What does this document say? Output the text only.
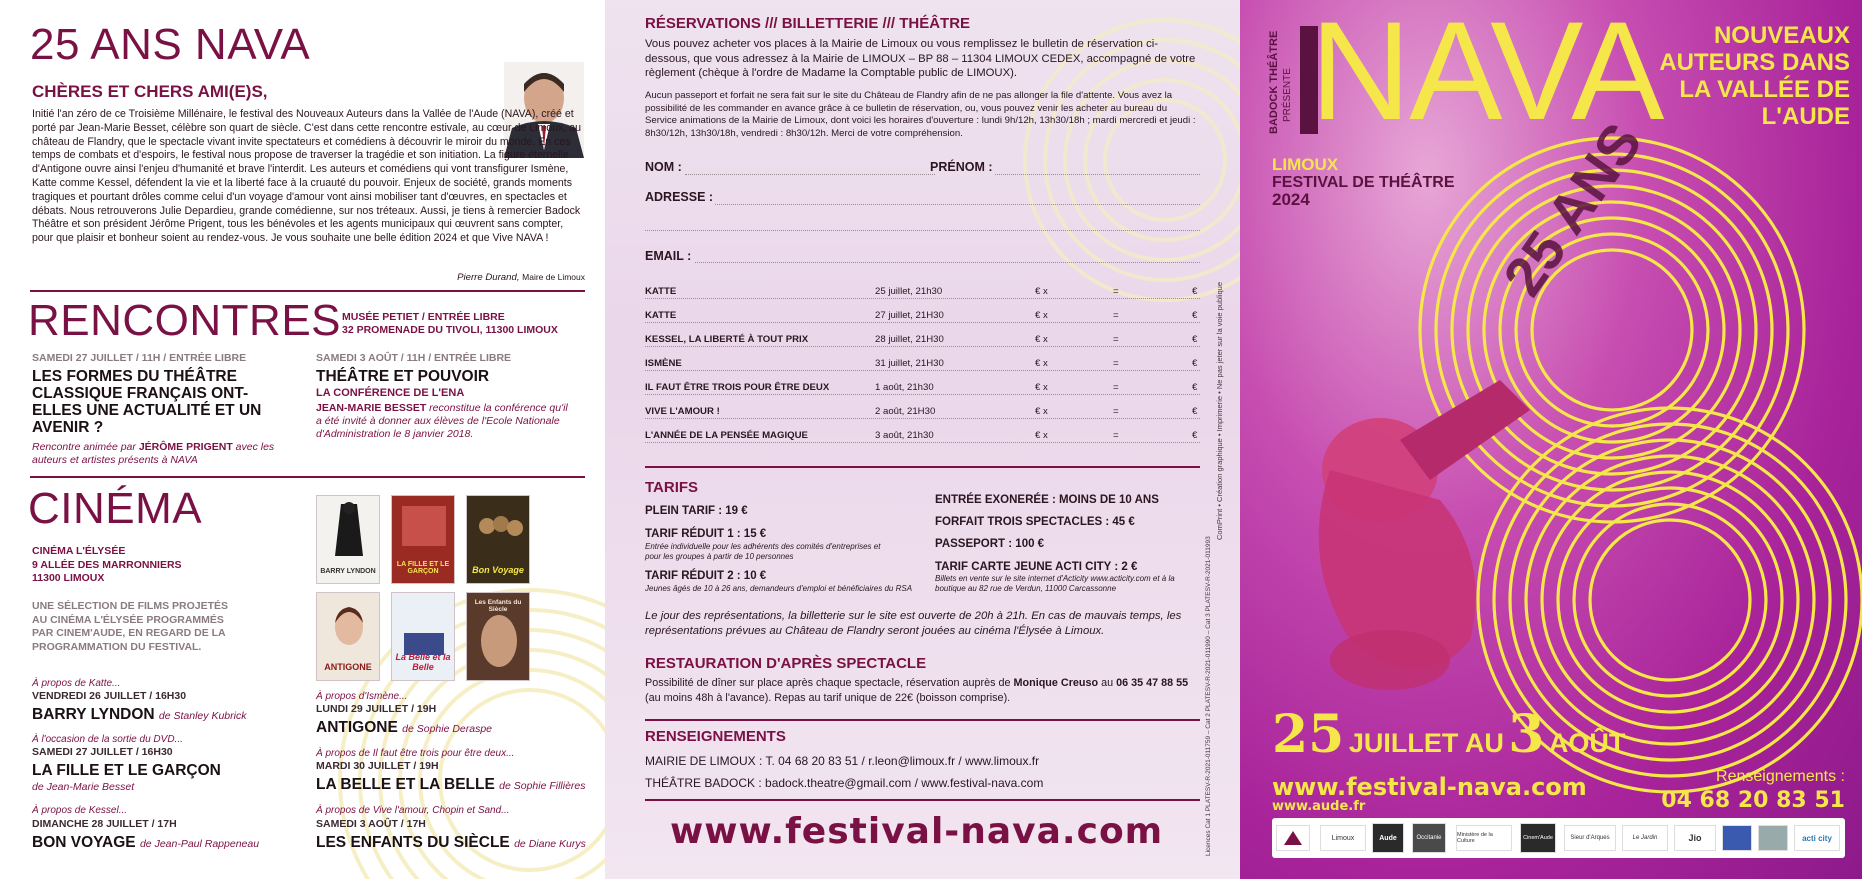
25 ANS NAVA
CHÈRES ET CHERS AMI(E)S,
Initié l'an zéro de ce Troisième Millénaire, le festival des Nouveaux Auteurs dans la Vallée de l'Aude (NAVA), créé et porté par Jean-Marie Besset, célèbre son quart de siècle. C'est dans cette rencontre estivale, au cœur de Limoux, au château de Flandry, que le spectacle vivant invite spectateurs et comédiens à découvrir le miroir du monde. En ces temps de combats et d'espoirs, le festival nous propose de traverser la tragédie et son initiation. La figure éternelle d'Antigone ouvre ainsi l'enjeu d'humanité et brave l'interdit. Les auteurs et comédiens qui vont transfigurer Ismène, Katte comme Kessel, défendent la vie et la liberté face à la cruauté du pouvoir. Enjeux de société, grands moments tragiques et pourtant drôles comme celui d'un voyage d'amour vont ainsi mobiliser tant d'œuvres, en spectacles et débats. Nous retrouverons Julie Depardieu, grande comédienne, sur nos tréteaux. Aussi, je tiens à remercier Badock Théâtre et son président Jérôme Prigent, tous les bénévoles et les agents municipaux qui œuvrent sans compter, pour que plaisir et bonheur soient au rendez-vous. Je vous souhaite une belle édition 2024 et que Vive NAVA !
Pierre Durand, Maire de Limoux
RENCONTRES MUSÉE PETIET / ENTRÉE LIBRE
32 PROMENADE DU TIVOLI, 11300 LIMOUX
SAMEDI 27 JUILLET / 11H / ENTRÉE LIBRE
LES FORMES DU THÉÂTRE CLASSIQUE FRANÇAIS ONT-ELLES UNE ACTUALITÉ ET UN AVENIR ?
Rencontre animée par JÉRÔME PRIGENT avec les auteurs et artistes présents à NAVA
SAMEDI 3 AOÛT / 11H / ENTRÉE LIBRE
THÉÂTRE ET POUVOIR
LA CONFÉRENCE DE L'ENA
JEAN-MARIE BESSET reconstitue la conférence qu'il a été invité à donner aux élèves de l'Ecole Nationale d'Administration le 8 janvier 2018.
CINÉMA
CINÉMA L'ÉLYSÉE
9 ALLÉE DES MARRONNIERS
11300 LIMOUX
UNE SÉLECTION DE FILMS PROJETÉS AU CINÉMA L'ÉLYSÉE PROGRAMMÉS PAR CINEM'AUDE, EN REGARD DE LA PROGRAMMATION DU FESTIVAL.
BARRY LYNDON
LA FILLE ET LE GARÇON	Bon Voyage
ANTIGONE
La Belle et la Belle
Les Enfants du Siècle
À propos de Katte...
VENDREDI 26 JUILLET / 16H30
BARRY LYNDON de Stanley Kubrick
À l'occasion de la sortie du DVD...
SAMEDI 27 JUILLET / 16H30
LA FILLE ET LE GARÇON
de Jean-Marie Besset
À propos de Kessel...
DIMANCHE 28 JUILLET / 17H
BON VOYAGE de Jean-Paul Rappeneau
À propos d'Ismène...
LUNDI 29 JUILLET / 19H
ANTIGONE de Sophie Deraspe
À propos de Il faut être trois pour être deux...
MARDI 30 JUILLET / 19H
LA BELLE ET LA BELLE de Sophie Fillières
À propos de Vive l'amour, Chopin et Sand...
SAMEDI 3 AOÛT / 17H
LES ENFANTS DU SIÈCLE de Diane Kurys
RÉSERVATIONS /// BILLETTERIE /// THÉÂTRE
Vous pouvez acheter vos places à la Mairie de Limoux ou vous remplissez le bulletin de réservation ci-dessous, que vous adressez à la Mairie de LIMOUX – BP 88 – 11304 LIMOUX CEDEX, accompagné de votre règlement (chèque à l'ordre de Madame la Comptable public de LIMOUX).
Aucun passeport et forfait ne sera fait sur le site du Château de Flandry afin de ne pas allonger la file d'attente. Vous avez la possibilité de les commander en avance grâce à ce bulletin de réservation, ou, vous pouvez venir les acheter au bureau du Service animations de la Mairie de Limoux, dont voici les horaires d'ouverture : lundi 9h/12h, 13h30/18h ; mardi mercredi et jeudi : 8h30/12h, 13h30/18h, vendredi : 8h30/12h. Merci de votre compréhension.
NOM :	PRÉNOM :
ADRESSE :
EMAIL :
KATTE	25 juillet, 21h30	€ x	=	€
KATTE	27 juillet, 21H30	€ x	=	€
KESSEL, LA LIBERTÉ À TOUT PRIX	28 juillet, 21H30	€ x	=	€
ISMÈNE	31 juillet, 21H30	€ x	=	€
IL FAUT ÊTRE TROIS POUR ÊTRE DEUX	1 août, 21h30	€ x	=	€
VIVE L'AMOUR !	2 août, 21H30	€ x	=	€
L'ANNÉE DE LA PENSÉE MAGIQUE	3 août, 21h30	€ x	=	€
TARIFS
PLEIN TARIF : 19 €
TARIF RÉDUIT 1 : 15 €
Entrée individuelle pour les adhérents des comités d'entreprises et pour les groupes à partir de 10 personnes
TARIF RÉDUIT 2 : 10 €
Jeunes âgés de 10 à 26 ans, demandeurs d'emploi et bénéficiaires du RSA
ENTRÉE EXONERÉE : MOINS DE 10 ANS
FORFAIT TROIS SPECTACLES : 45 €
PASSEPORT : 100 €
TARIF CARTE JEUNE ACTI CITY : 2 €
Billets en vente sur le site internet d'Acticity www.acticity.com et à la boutique au 82 rue de Verdun, 11000 Carcassonne
Le jour des représentations, la billetterie sur le site est ouverte de 20h à 21h. En cas de mauvais temps, les représentations prévues au Château de Flandry seront jouées au cinéma l'Élysée à Limoux.
RESTAURATION D'APRÈS SPECTACLE
Possibilité de dîner sur place après chaque spectacle, réservation auprès de Monique Creuso au 06 35 47 88 55 (au moins 48h à l'avance). Repas au tarif unique de 22€ (boisson comprise).
RENSEIGNEMENTS
MAIRIE DE LIMOUX : T. 04 68 20 83 51 / r.leon@limoux.fr / www.limoux.fr
THÉÂTRE BADOCK : badock.theatre@gmail.com / www.festival-nava.com
www.festival-nava.com
ComPrint • Création graphique • Imprimerie • Ne pas jeter sur la voie publique
Licences Cat 1 PLATESV-R-2021-011759 – Cat 2 PLATESV-R-2021-011990 – Cat 3 PLATESV-R-2021-011993
BADOCK THÉÂTRE PRÉSENTE NAVA	NOUVEAUX
AUTEURS DANS
LA VALLÉE DE
L'AUDE
LIMOUX
FESTIVAL DE THÉÂTRE
2024	25 ANS
25 JUILLET AU 3 AOÛT
www.festival-nava.com
www.aude.fr
Renseignements :
04 68 20 83 51
Limoux	Aude	Occitanie	Ministère de la Culture	Cinem'Aude	Sieur d'Arques	Le Jardin	Jio	acti city
